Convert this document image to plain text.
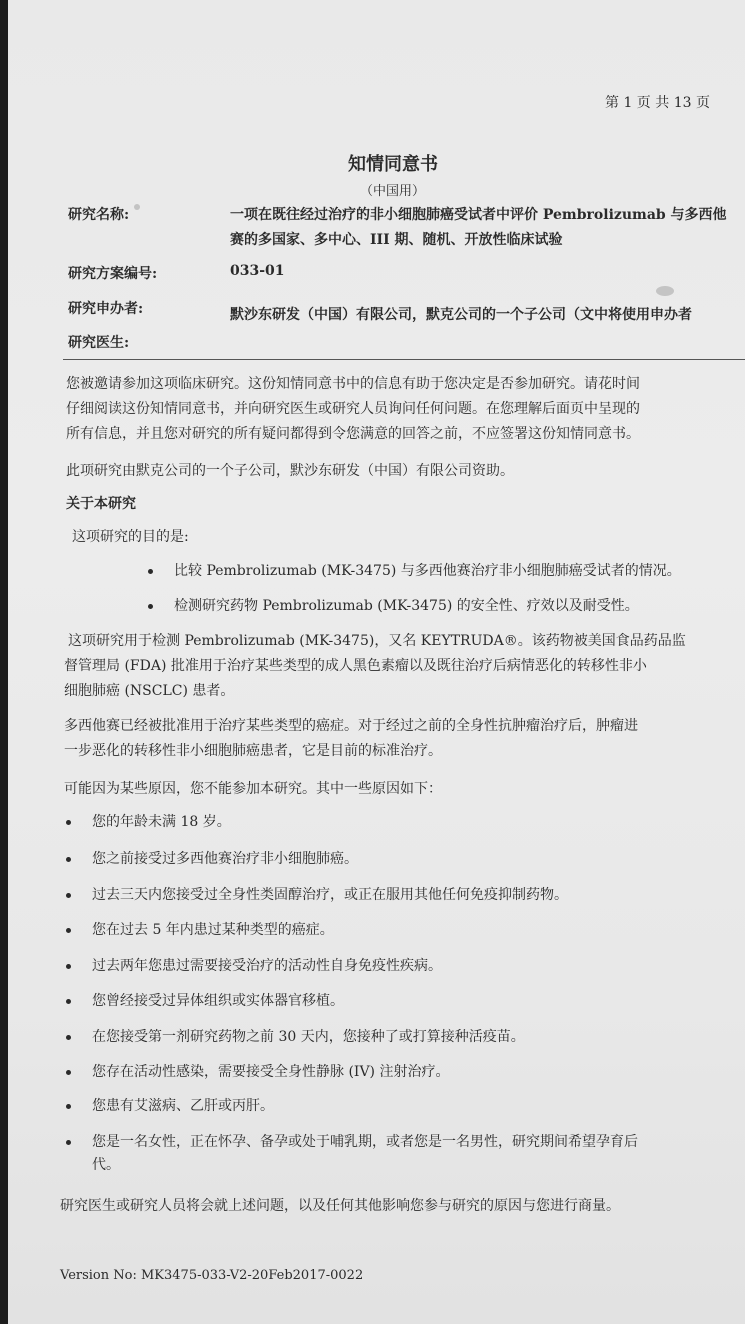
第 1 页 共 13 页
知情同意书
（中国用）
研究名称:	一项在既往经过治疗的非小细胞肺癌受试者中评价 Pembrolizumab 与多西他
赛的多国家、多中心、III 期、随机、开放性临床试验
研究方案编号:	033-01
研究申办者:	默沙东研发（中国）有限公司，默克公司的一个子公司（文中将使用申办者
研究医生:
您被邀请参加这项临床研究。这份知情同意书中的信息有助于您决定是否参加研究。请花时间
仔细阅读这份知情同意书，并向研究医生或研究人员询问任何问题。在您理解后面页中呈现的
所有信息，并且您对研究的所有疑问都得到令您满意的回答之前，不应签署这份知情同意书。
此项研究由默克公司的一个子公司，默沙东研发（中国）有限公司资助。
关于本研究
这项研究的目的是:
比较 Pembrolizumab (MK-3475) 与多西他赛治疗非小细胞肺癌受试者的情况。
检测研究药物 Pembrolizumab (MK-3475) 的安全性、疗效以及耐受性。
这项研究用于检测 Pembrolizumab (MK-3475)，又名 KEYTRUDA®。该药物被美国食品药品监
督管理局 (FDA) 批准用于治疗某些类型的成人黑色素瘤以及既往治疗后病情恶化的转移性非小
细胞肺癌 (NSCLC) 患者。
多西他赛已经被批准用于治疗某些类型的癌症。对于经过之前的全身性抗肿瘤治疗后，肿瘤进
一步恶化的转移性非小细胞肺癌患者，它是目前的标准治疗。
可能因为某些原因，您不能参加本研究。其中一些原因如下：
您的年龄未满 18 岁。
您之前接受过多西他赛治疗非小细胞肺癌。
过去三天内您接受过全身性类固醇治疗，或正在服用其他任何免疫抑制药物。
您在过去 5 年内患过某种类型的癌症。
过去两年您患过需要接受治疗的活动性自身免疫性疾病。
您曾经接受过异体组织或实体器官移植。
在您接受第一剂研究药物之前 30 天内，您接种了或打算接种活疫苗。
您存在活动性感染，需要接受全身性静脉 (IV) 注射治疗。
您患有艾滋病、乙肝或丙肝。
您是一名女性，正在怀孕、备孕或处于哺乳期，或者您是一名男性，研究期间希望孕育后
代。
研究医生或研究人员将会就上述问题，以及任何其他影响您参与研究的原因与您进行商量。
Version No: MK3475-033-V2-20Feb2017-0022
